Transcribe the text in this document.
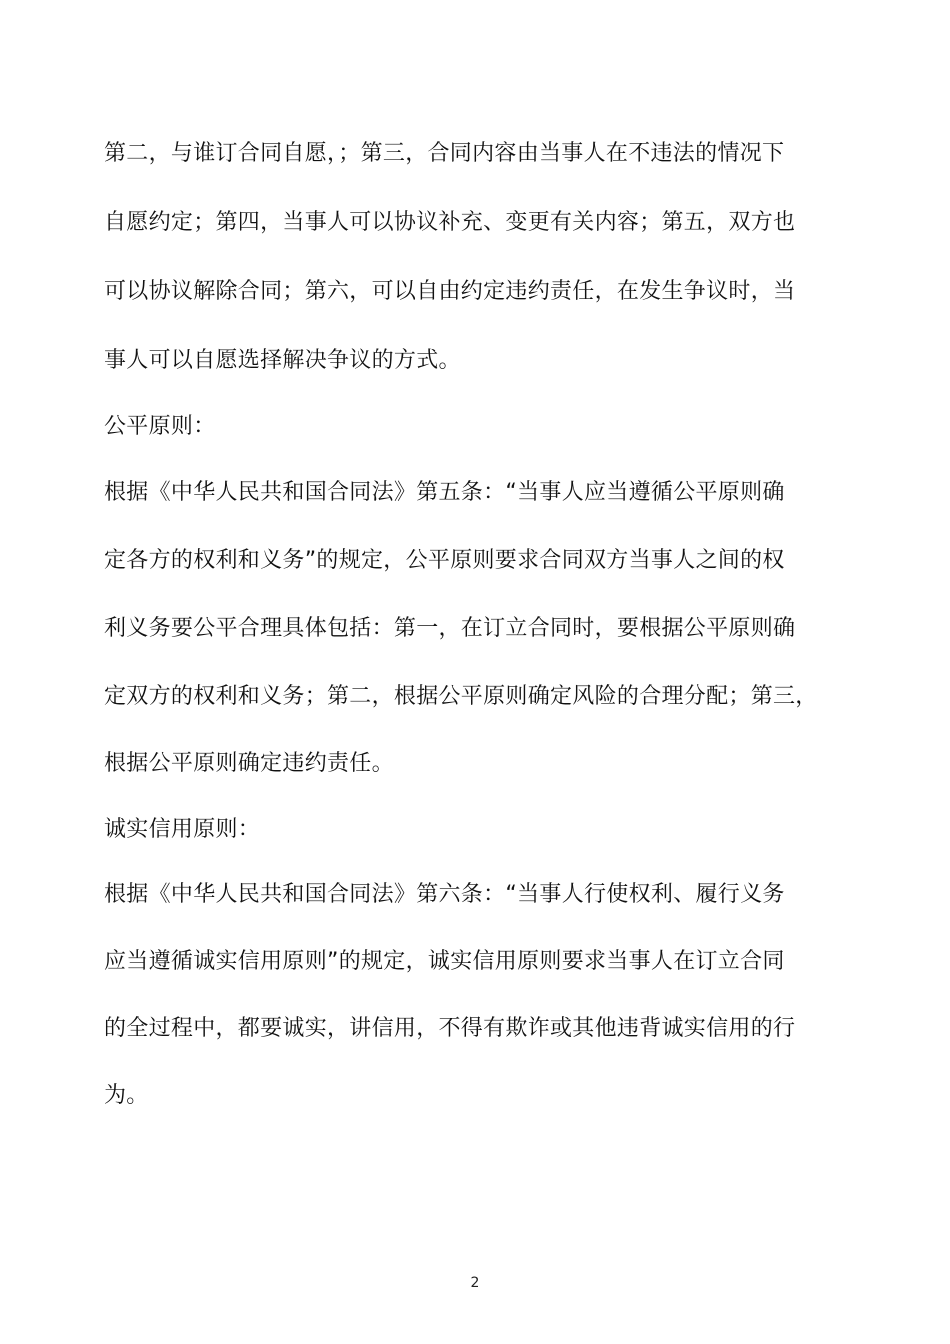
第二，与谁订合同自愿，；第三，合同内容由当事人在不违法的情况下
自愿约定；第四，当事人可以协议补充、变更有关内容；第五，双方也
可以协议解除合同；第六，可以自由约定违约责任，在发生争议时，当
事人可以自愿选择解决争议的方式。
公平原则：
根据《中华人民共和国合同法》第五条：“当事人应当遵循公平原则确
定各方的权利和义务”的规定，公平原则要求合同双方当事人之间的权
利义务要公平合理具体包括：第一，在订立合同时，要根据公平原则确
定双方的权利和义务；第二，根据公平原则确定风险的合理分配；第三，
根据公平原则确定违约责任。
诚实信用原则：
根据《中华人民共和国合同法》第六条：“当事人行使权利、履行义务
应当遵循诚实信用原则”的规定，诚实信用原则要求当事人在订立合同
的全过程中，都要诚实，讲信用，不得有欺诈或其他违背诚实信用的行
为。
2
